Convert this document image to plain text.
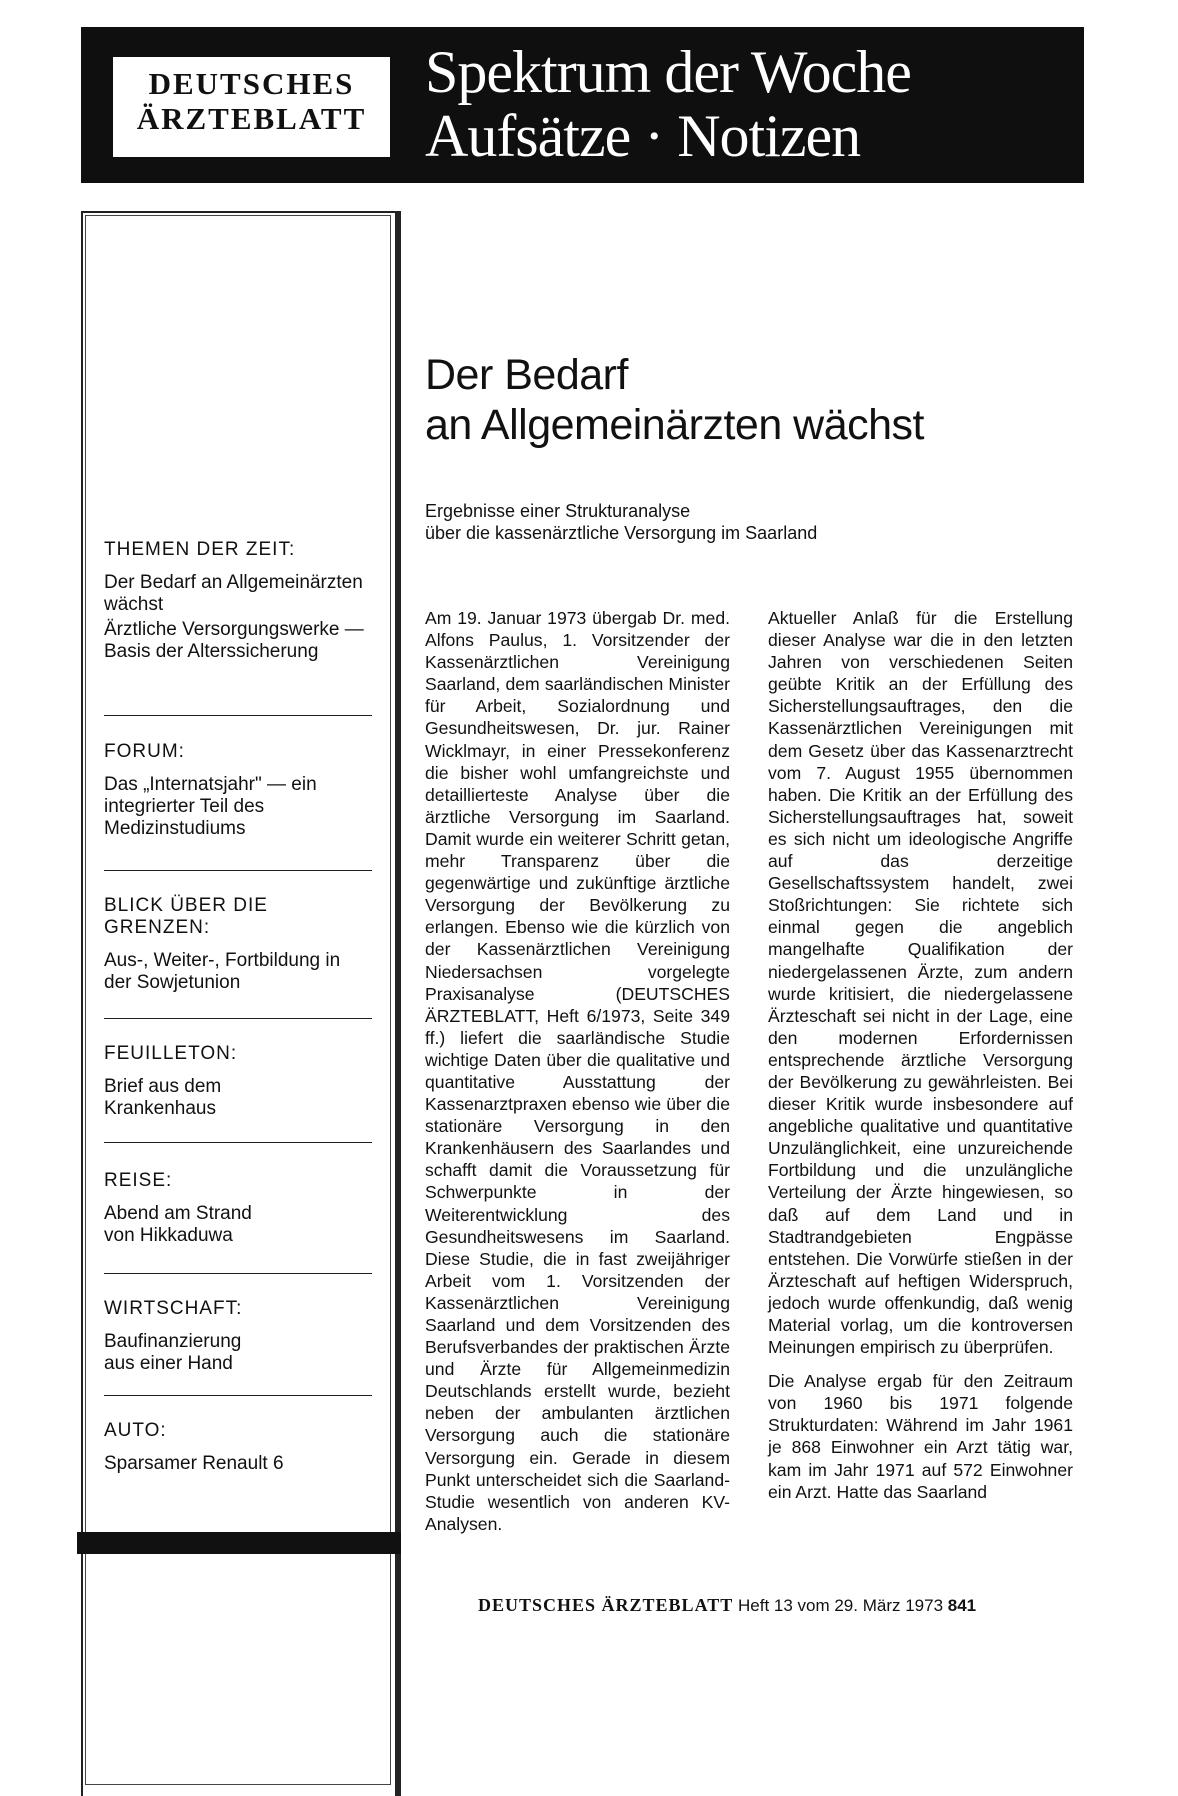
DEUTSCHES
ÄRZTEBLATT
Spektrum der Woche
Aufsätze · Notizen
THEMEN DER ZEIT:
Der Bedarf an Allgemeinärzten wächst
Ärztliche Versorgungswerke — Basis der Alterssicherung
FORUM:
Das „Internatsjahr" — ein integrierter Teil des Medizinstudiums
BLICK ÜBER DIE GRENZEN:
Aus-, Weiter-, Fortbildung in der Sowjetunion
FEUILLETON:
Brief aus dem Krankenhaus
REISE:
Abend am Strand von Hikkaduwa
WIRTSCHAFT:
Baufinanzierung aus einer Hand
AUTO:
Sparsamer Renault 6
Der Bedarf
an Allgemeinärzten wächst
Ergebnisse einer Strukturanalyse
über die kassenärztliche Versorgung im Saarland

Am 19. Januar 1973 übergab Dr. med. Alfons Paulus, 1. Vorsitzender der Kassenärztlichen Vereinigung Saarland, dem saarländischen Minister für Arbeit, Sozialordnung und Gesundheitswesen, Dr. jur. Rainer Wicklmayr, in einer Pressekonferenz die bisher wohl umfangreichste und detaillierteste Analyse über die ärztliche Versorgung im Saarland. Damit wurde ein weiterer Schritt getan, mehr Transparenz über die gegenwärtige und zukünftige ärztliche Versorgung der Bevölkerung zu erlangen. Ebenso wie die kürzlich von der Kassenärztlichen Vereinigung Niedersachsen vorgelegte Praxisanalyse (DEUTSCHES ÄRZTEBLATT, Heft 6/1973, Seite 349 ff.) liefert die saarländische Studie wichtige Daten über die qualitative und quantitative Ausstattung der Kassenarztpraxen ebenso wie über die stationäre Versorgung in den Krankenhäusern des Saarlandes und schafft damit die Voraussetzung für Schwerpunkte in der Weiterentwicklung des Gesundheitswesens im Saarland. Diese Studie, die in fast zweijähriger Arbeit vom 1. Vorsitzenden der Kassenärztlichen Vereinigung Saarland und dem Vorsitzenden des Berufsverbandes der praktischen Ärzte und Ärzte für Allgemeinmedizin Deutschlands erstellt wurde, bezieht neben der ambulanten ärztlichen Versorgung auch die stationäre Versorgung ein. Gerade in diesem Punkt unterscheidet sich die Saarland-Studie wesentlich von anderen KV-Analysen.

Aktueller Anlaß für die Erstellung dieser Analyse war die in den letzten Jahren von verschiedenen Seiten geübte Kritik an der Erfüllung des Sicherstellungsauftrages, den die Kassenärztlichen Vereinigungen mit dem Gesetz über das Kassenarztrecht vom 7. August 1955 übernommen haben. Die Kritik an der Erfüllung des Sicherstellungsauftrages hat, soweit es sich nicht um ideologische Angriffe auf das derzeitige Gesellschaftssystem handelt, zwei Stoßrichtungen: Sie richtete sich einmal gegen die angeblich mangelhafte Qualifikation der niedergelassenen Ärzte, zum andern wurde kritisiert, die niedergelassene Ärzteschaft sei nicht in der Lage, eine den modernen Erfordernissen entsprechende ärztliche Versorgung der Bevölkerung zu gewährleisten. Bei dieser Kritik wurde insbesondere auf angebliche qualitative und quantitative Unzulänglichkeit, eine unzureichende Fortbildung und die unzulängliche Verteilung der Ärzte hingewiesen, so daß auf dem Land und in Stadtrandgebieten Engpässe entstehen. Die Vorwürfe stießen in der Ärzteschaft auf heftigen Widerspruch, jedoch wurde offenkundig, daß wenig Material vorlag, um die kontroversen Meinungen empirisch zu überprüfen.

Die Analyse ergab für den Zeitraum von 1960 bis 1971 folgende Strukturdaten: Während im Jahr 1961 je 868 Einwohner ein Arzt tätig war, kam im Jahr 1971 auf 572 Einwohner ein Arzt. Hatte das Saarland

DEUTSCHES ÄRZTEBLATT Heft 13 vom 29. März 1973 841
